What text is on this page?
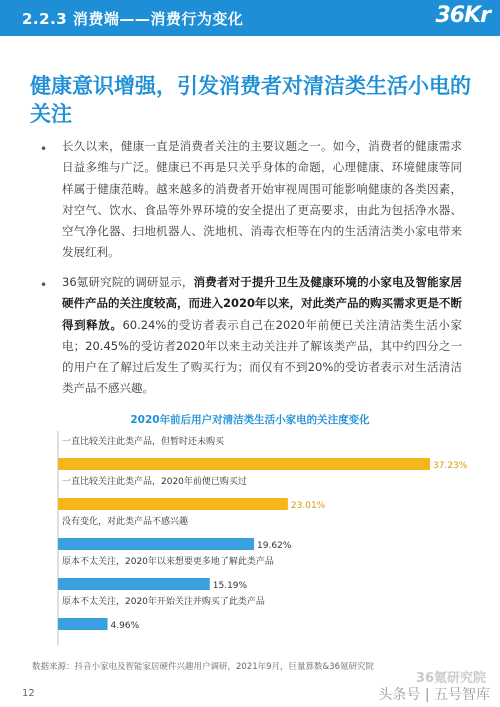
2.2.3 消费端——消费行为变化	36Kr
健康意识增强，引发消费者对清洁类生活小电的关注
• 长久以来，健康一直是消费者关注的主要议题之一。如今，消费者的健康需求日益多维与广泛。健康已不再是只关乎身体的命题，心理健康、环境健康等同样属于健康范畴。越来越多的消费者开始审视周围可能影响健康的各类因素，对空气、饮水、食品等外界环境的安全提出了更高要求，由此为包括净水器、空气净化器、扫地机器人、洗地机、消毒衣柜等在内的生活清洁类小家电带来发展红利。
• 36氪研究院的调研显示，消费者对于提升卫生及健康环境的小家电及智能家居硬件产品的关注度较高，而进入2020年以来，对此类产品的购买需求更是不断得到释放。60.24%的受访者表示自己在2020年前便已关注清洁类生活小家电；20.45%的受访者2020年以来主动关注并了解该类产品，其中约四分之一的用户在了解过后发生了购买行为；而仅有不到20%的受访者表示对生活清洁类产品不感兴趣。
2020年前后用户对清洁类生活小家电的关注度变化
一直比较关注此类产品，但暂时还未购买
37.23%
一直比较关注此类产品，2020年前便已购买过
23.01%
没有变化，对此类产品不感兴趣
19.62%
原本不太关注，2020年以来想要更多地了解此类产品
15.19%
原本不太关注，2020年开始关注并购买了此类产品
4.96%
数据来源：抖音小家电及智能家居硬件兴趣用户调研，2021年9月，巨量算数&36氪研究院
12
36氪研究院
头条号 | 五号智库
